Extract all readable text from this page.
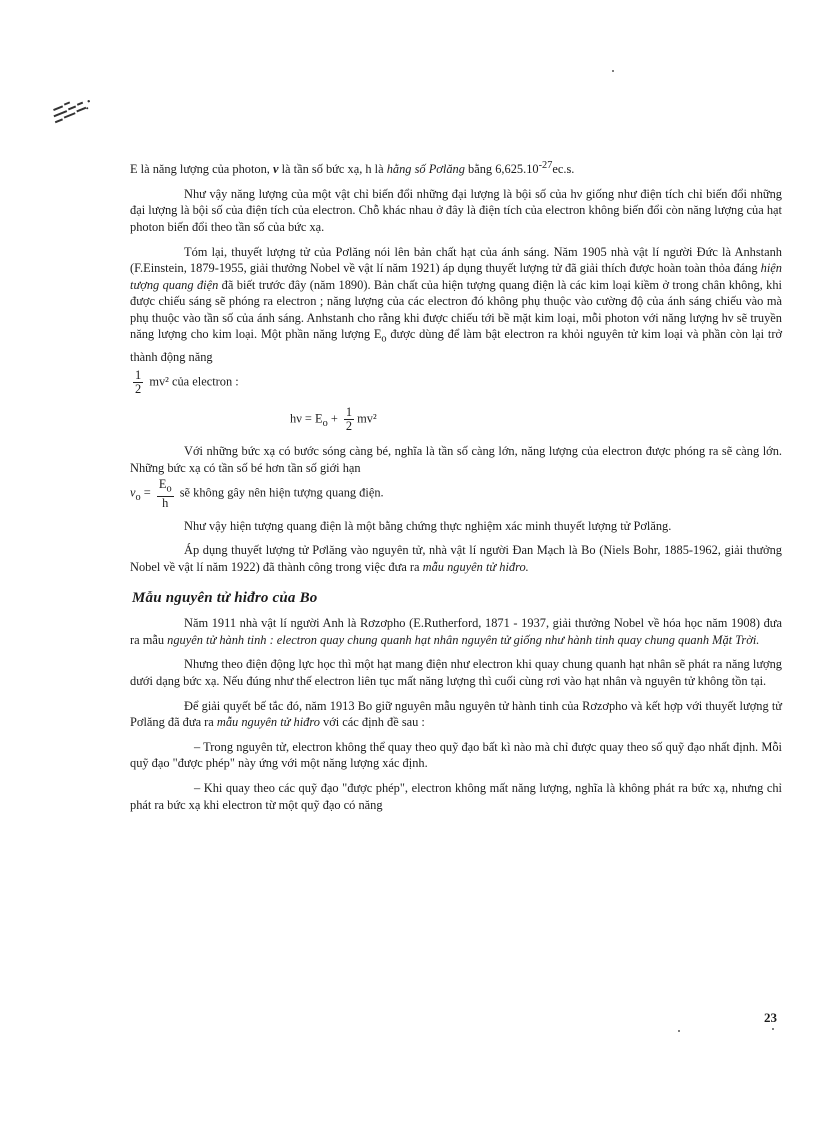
E là năng lượng của photon, ν là tần số bức xạ, h là hằng số Pơlăng bằng $6,625.10^{-27}ec.s$.

Như vậy năng lượng của một vật chỉ biến đổi những đại lượng là bội số của hν giống như điện tích chỉ biến đổi những đại lượng là bội số của điện tích của electron. Chỗ khác nhau ở đây là điện tích của electron không biến đổi còn năng lượng của hạt photon biến đổi theo tần số của bức xạ.

Tóm lại, thuyết lượng tử của Pơlăng nói lên bản chất hạt của ánh sáng. Năm 1905 nhà vật lí người Đức là Anhstanh (F.Einstein, 1879-1955, giải thưởng Nobel về vật lí năm 1921) áp dụng thuyết lượng tử đã giải thích được hoàn toàn thỏa đáng hiện tượng quang điện đã biết trước đây (năm 1890). Bản chất của hiện tượng quang điện là các kim loại kiềm ở trong chân không, khi được chiếu sáng sẽ phóng ra electron ; năng lượng của các electron đó không phụ thuộc vào cường độ của ánh sáng chiếu vào mà phụ thuộc vào tần số của ánh sáng. Anhstanh cho rằng khi được chiếu tới bề mặt kim loại, mỗi photon với năng lượng hν sẽ truyền năng lượng cho kim loại. Một phần năng lượng $E_o$ được dùng để làm bật electron ra khỏi nguyên tử kim loại và phần còn lại trở thành động năng

$\frac{1}{2} mv^2$ của electron :

$h\nu = E_o + \frac{1}{2} mv^2$

Với những bức xạ có bước sóng càng bé, nghĩa là tần số càng lớn, năng lượng của electron được phóng ra sẽ càng lớn. Những bức xạ có tần số bé hơn tần số giới hạn

$\nu_o = \frac{E_o}{h}$ sẽ không gây nên hiện tượng quang điện.

Như vậy hiện tượng quang điện là một bằng chứng thực nghiệm xác minh thuyết lượng tử Pơlăng.

Áp dụng thuyết lượng tử Pơlăng vào nguyên tử, nhà vật lí người Đan Mạch là Bo (Niels Bohr, 1885-1962, giải thưởng Nobel về vật lí năm 1922) đã thành công trong việc đưa ra mẫu nguyên tử hiđro.

Mẫu nguyên tử hiđro của Bo

Năm 1911 nhà vật lí người Anh là Rơzơpho (E.Rutherford, 1871 - 1937, giải thưởng Nobel về hóa học năm 1908) đưa ra mẫu nguyên tử hành tinh : electron quay chung quanh hạt nhân nguyên tử giống như hành tinh quay chung quanh Mặt Trời.

Nhưng theo điện động lực học thì một hạt mang điện như electron khi quay chung quanh hạt nhân sẽ phát ra năng lượng dưới dạng bức xạ. Nếu đúng như thế electron liên tục mất năng lượng thì cuối cùng rơi vào hạt nhân và nguyên tử không tồn tại.

Để giải quyết bế tắc đó, năm 1913 Bo giữ nguyên mẫu nguyên tử hành tinh của Rơzơpho và kết hợp với thuyết lượng tử Pơlăng đã đưa ra mẫu nguyên tử hiđro với các định đề sau :

– Trong nguyên tử, electron không thể quay theo quỹ đạo bất kì nào mà chỉ được quay theo số quỹ đạo nhất định. Mỗi quỹ đạo "được phép" này ứng với một năng lượng xác định.

– Khi quay theo các quỹ đạo "được phép", electron không mất năng lượng, nghĩa là không phát ra bức xạ, nhưng chỉ phát ra bức xạ khi electron từ một quỹ đạo có năng

23
